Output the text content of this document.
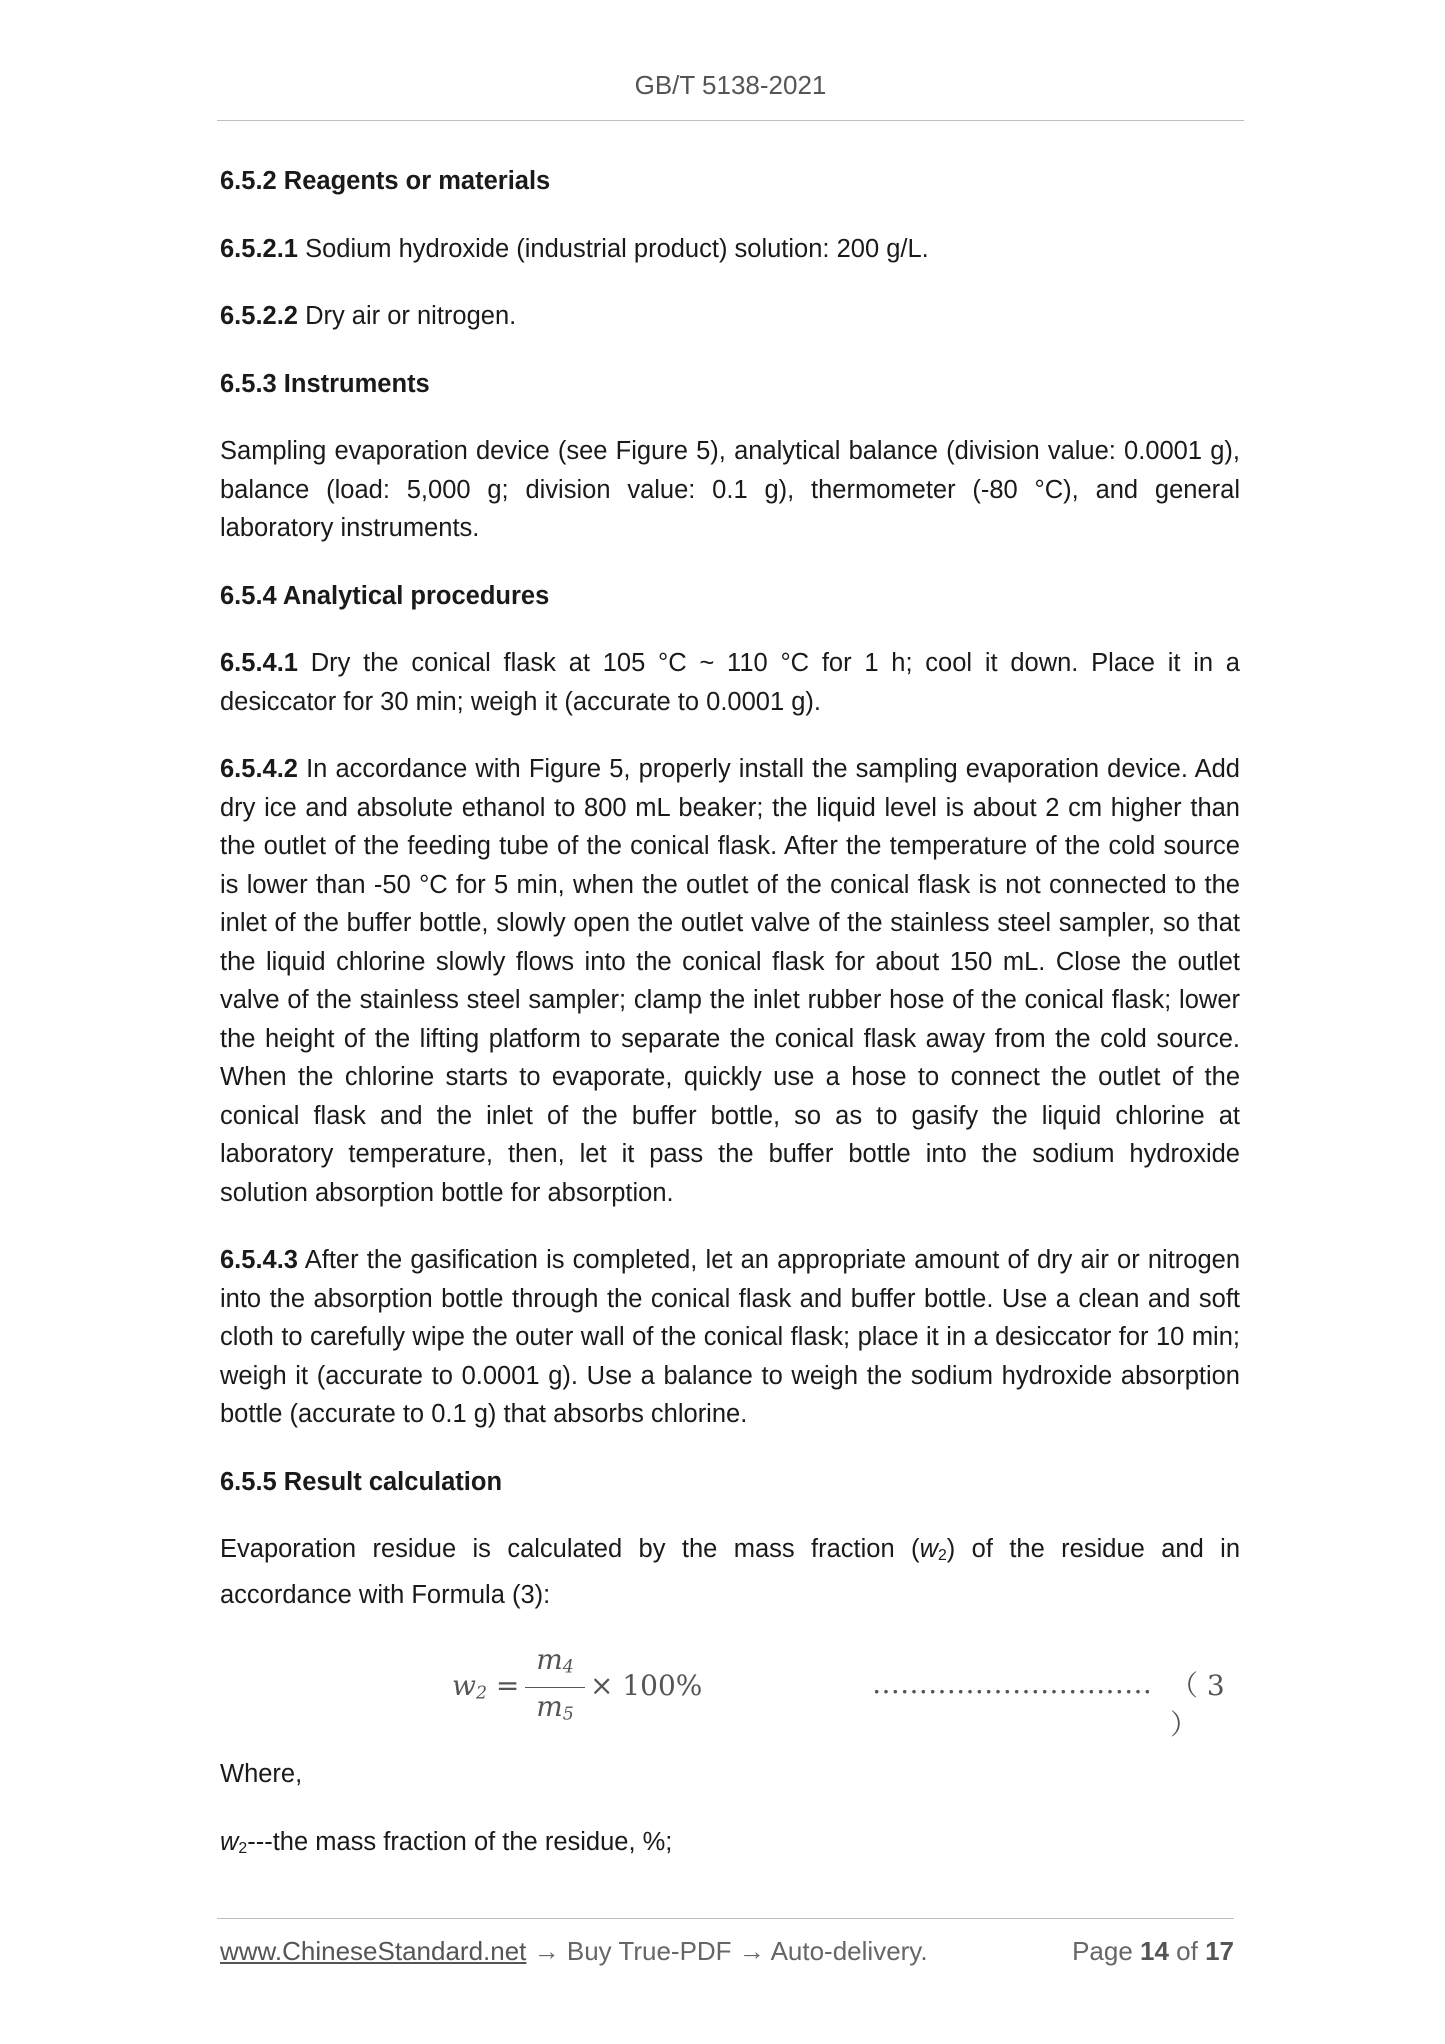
GB/T 5138-2021

6.5.2 Reagents or materials

6.5.2.1 Sodium hydroxide (industrial product) solution: 200 g/L.

6.5.2.2 Dry air or nitrogen.

6.5.3 Instruments

Sampling evaporation device (see Figure 5), analytical balance (division value: 0.0001 g), balance (load: 5,000 g; division value: 0.1 g), thermometer (-80 °C), and general laboratory instruments.

6.5.4 Analytical procedures

6.5.4.1 Dry the conical flask at 105 °C ~ 110 °C for 1 h; cool it down. Place it in a desiccator for 30 min; weigh it (accurate to 0.0001 g).

6.5.4.2 In accordance with Figure 5, properly install the sampling evaporation device. Add dry ice and absolute ethanol to 800 mL beaker; the liquid level is about 2 cm higher than the outlet of the feeding tube of the conical flask. After the temperature of the cold source is lower than -50 °C for 5 min, when the outlet of the conical flask is not connected to the inlet of the buffer bottle, slowly open the outlet valve of the stainless steel sampler, so that the liquid chlorine slowly flows into the conical flask for about 150 mL. Close the outlet valve of the stainless steel sampler; clamp the inlet rubber hose of the conical flask; lower the height of the lifting platform to separate the conical flask away from the cold source. When the chlorine starts to evaporate, quickly use a hose to connect the outlet of the conical flask and the inlet of the buffer bottle, so as to gasify the liquid chlorine at laboratory temperature, then, let it pass the buffer bottle into the sodium hydroxide solution absorption bottle for absorption.

6.5.4.3 After the gasification is completed, let an appropriate amount of dry air or nitrogen into the absorption bottle through the conical flask and buffer bottle. Use a clean and soft cloth to carefully wipe the outer wall of the conical flask; place it in a desiccator for 10 min; weigh it (accurate to 0.0001 g). Use a balance to weigh the sodium hydroxide absorption bottle (accurate to 0.1 g) that absorbs chlorine.

6.5.5 Result calculation

Evaporation residue is calculated by the mass fraction $(w_2)$ of the residue and in accordance with Formula (3):

$w_2$ =
$m_4$
$m_5$
× 100%	………………………… （ 3 ）

Where,

$w_2--$-the mass fraction of the residue, %;

www.ChineseStandard.net → Buy True-PDF → Auto-delivery.	Page 14 of 17
